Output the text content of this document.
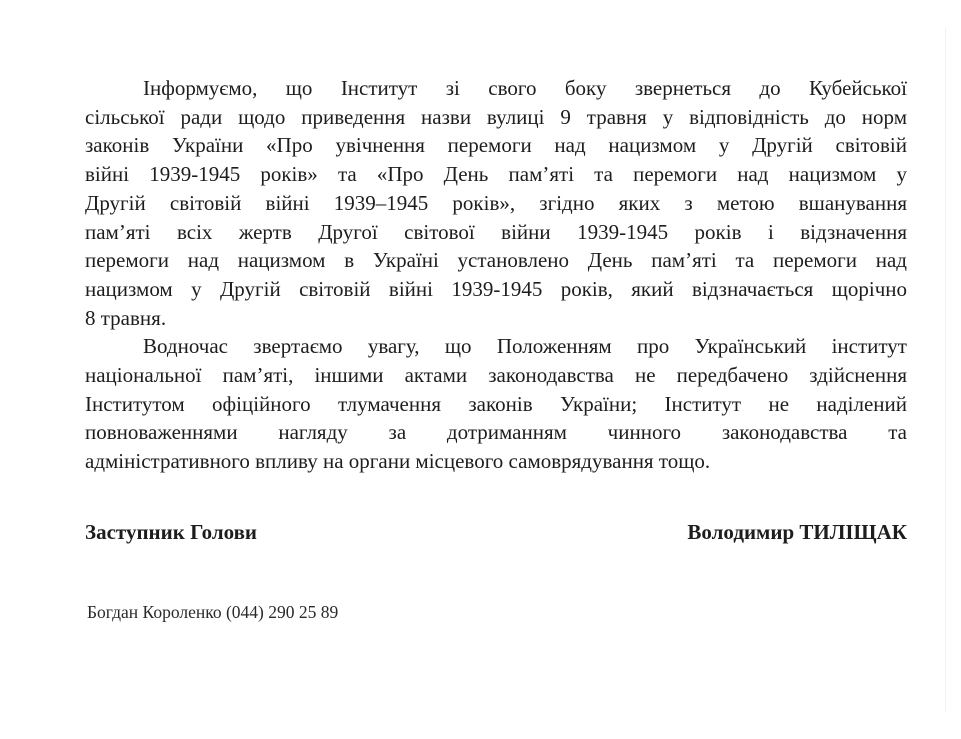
Інформуємо, що Інститут зі свого боку звернеться до Кубейської
сільської ради щодо приведення назви вулиці 9 травня у відповідність до норм
законів України «Про увічнення перемоги над нацизмом у Другій світовій
війні 1939-1945 років» та «Про День пам’яті та перемоги над нацизмом у
Другій світовій війні 1939–1945 років», згідно яких з метою вшанування
пам’яті всіх жертв Другої світової війни 1939-1945 років і відзначення
перемоги над нацизмом в Україні установлено День пам’яті та перемоги над
нацизмом у Другій світовій війні 1939-1945 років, який відзначається щорічно
8 травня.
Водночас звертаємо увагу, що Положенням про Український інститут
національної пам’яті, іншими актами законодавства не передбачено здійснення
Інститутом офіційного тлумачення законів України; Інститут не наділений
повноваженнями нагляду за дотриманням чинного законодавства та
адміністративного впливу на органи місцевого самоврядування тощо.
Заступник Голови	Володимир ТИЛІЩАК
Богдан Короленко (044) 290 25 89
